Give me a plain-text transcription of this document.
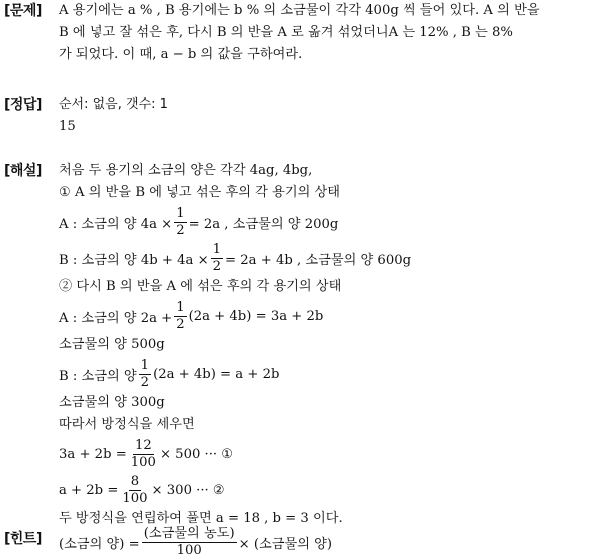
[문제] A 용기에는 a % , B 용기에는 b % 의 소금물이 각각 400g 씩 들어 있다. A 의 반을
B 에 넣고 잘 섞은 후, 다시 B 의 반을 A 로 옮겨 섞었더니A 는 12% , B 는 8%
가 되었다. 이 때, a − b 의 값을 구하여라.
[정답] 순서: 없음, 갯수: 1
15
[해설] 처음 두 용기의 소금의 양은 각각 4ag, 4bg,
① A 의 반을 B 에 넣고 섞은 후의 각 용기의 상태
A : 소금의 양 $4a \times \frac{1}{2} = 2a$ , 소금물의 양 200g
B : 소금의 양 $4b + 4a \times \frac{1}{2} = 2a + 4b$ , 소금물의 양 600g
② 다시 B 의 반을 A 에 섞은 후의 각 용기의 상태
A : 소금의 양 $2a + \frac{1}{2} (2a + 4b) = 3a + 2b$
소금물의 양 500g
B : 소금의 양 $\frac{1}{2} (2a + 4b) = a + 2b$
소금물의 양 300g
따라서 방정식을 세우면
$3a + 2b = \frac{12}{100} \times 500$ ··· ①
$a + 2b = \frac{8}{100} \times 300$ ··· ②
두 방정식을 연립하여 풀면 a = 18 , b = 3 이다.
[힌트] (소금의 양) = $\frac{\text{(소금물의 농도)}}{100}$ × (소금물의 양)
